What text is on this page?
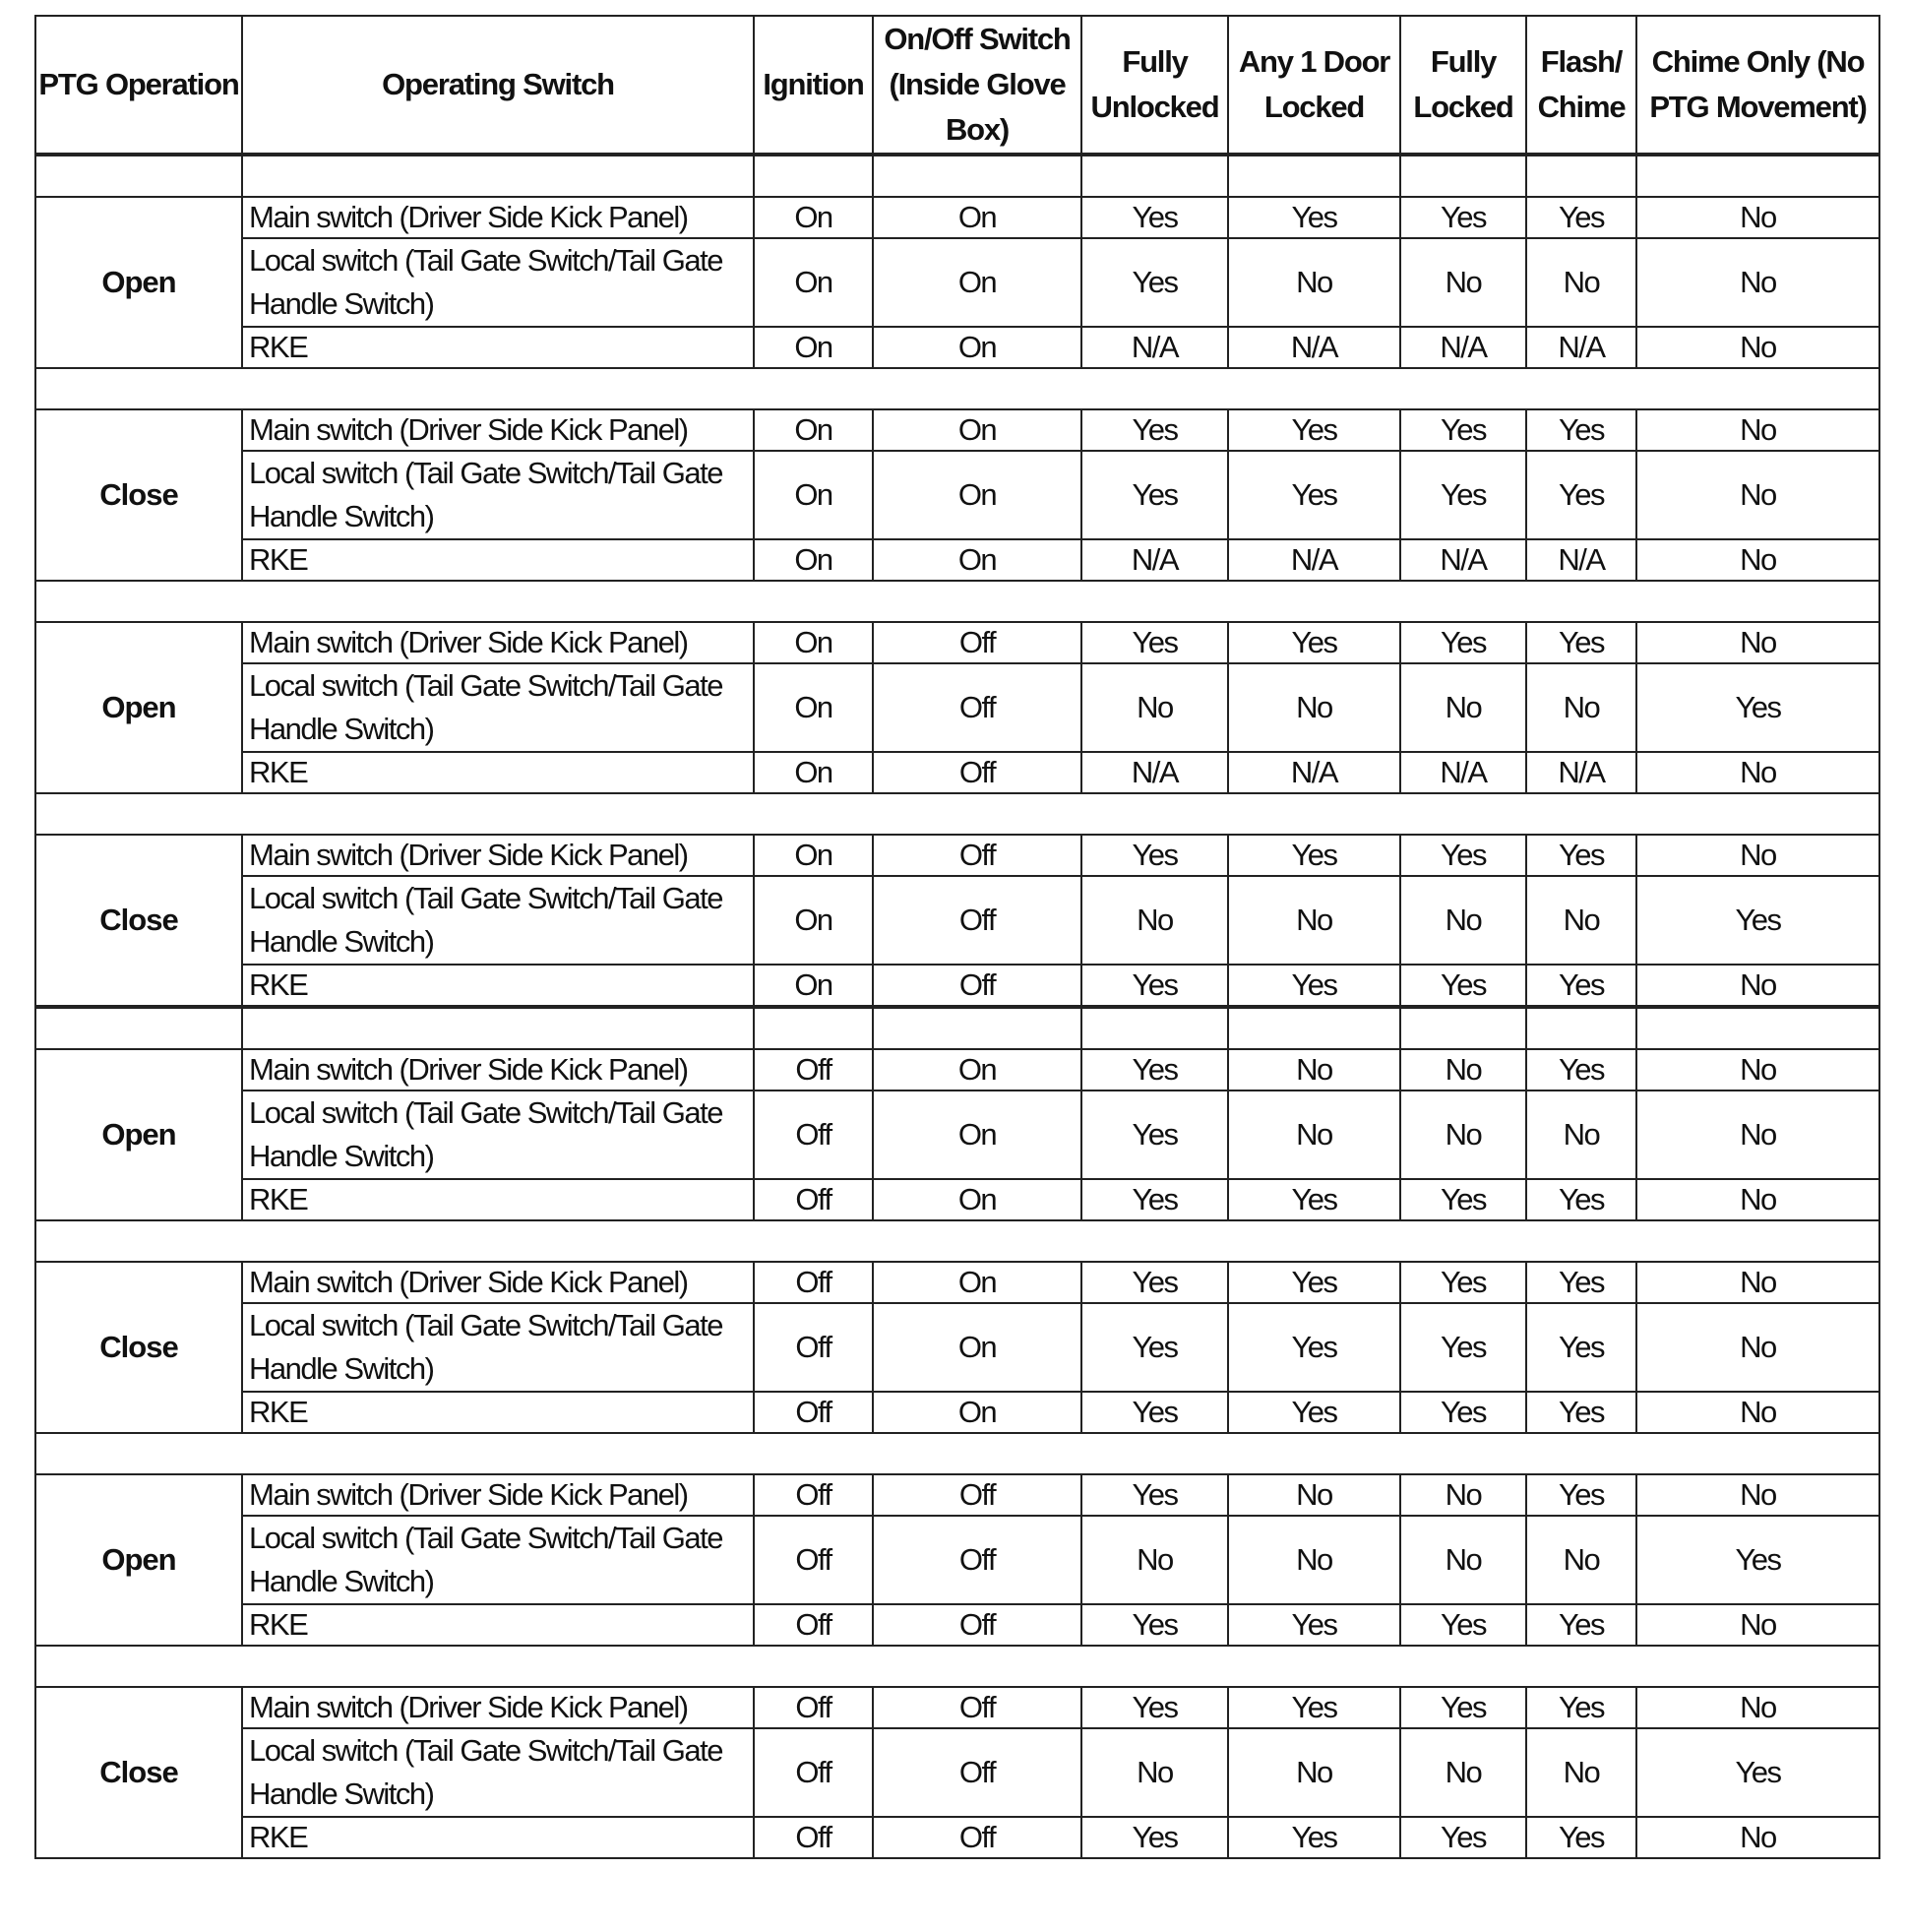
PTG Operation	Operating Switch	Ignition	On/Off Switch (Inside Glove Box)	Fully Unlocked	Any 1 Door Locked	Fully Locked	Flash/ Chime	Chime Only (No PTG Movement)

Open	Main switch (Driver Side Kick Panel)	On	On	Yes	Yes	Yes	Yes	No
	Local switch (Tail Gate Switch/Tail Gate Handle Switch)	On	On	Yes	No	No	No	No
	RKE	On	On	N/A	N/A	N/A	N/A	No

Close	Main switch (Driver Side Kick Panel)	On	On	Yes	Yes	Yes	Yes	No
	Local switch (Tail Gate Switch/Tail Gate Handle Switch)	On	On	Yes	Yes	Yes	Yes	No
	RKE	On	On	N/A	N/A	N/A	N/A	No

Open	Main switch (Driver Side Kick Panel)	On	Off	Yes	Yes	Yes	Yes	No
	Local switch (Tail Gate Switch/Tail Gate Handle Switch)	On	Off	No	No	No	No	Yes
	RKE	On	Off	N/A	N/A	N/A	N/A	No

Close	Main switch (Driver Side Kick Panel)	On	Off	Yes	Yes	Yes	Yes	No
	Local switch (Tail Gate Switch/Tail Gate Handle Switch)	On	Off	No	No	No	No	Yes
	RKE	On	Off	Yes	Yes	Yes	Yes	No

Open	Main switch (Driver Side Kick Panel)	Off	On	Yes	No	No	Yes	No
	Local switch (Tail Gate Switch/Tail Gate Handle Switch)	Off	On	Yes	No	No	No	No
	RKE	Off	On	Yes	Yes	Yes	Yes	No

Close	Main switch (Driver Side Kick Panel)	Off	On	Yes	Yes	Yes	Yes	No
	Local switch (Tail Gate Switch/Tail Gate Handle Switch)	Off	On	Yes	Yes	Yes	Yes	No
	RKE	Off	On	Yes	Yes	Yes	Yes	No

Open	Main switch (Driver Side Kick Panel)	Off	Off	Yes	No	No	Yes	No
	Local switch (Tail Gate Switch/Tail Gate Handle Switch)	Off	Off	No	No	No	No	Yes
	RKE	Off	Off	Yes	Yes	Yes	Yes	No

Close	Main switch (Driver Side Kick Panel)	Off	Off	Yes	Yes	Yes	Yes	No
	Local switch (Tail Gate Switch/Tail Gate Handle Switch)	Off	Off	No	No	No	No	Yes
	RKE	Off	Off	Yes	Yes	Yes	Yes	No
